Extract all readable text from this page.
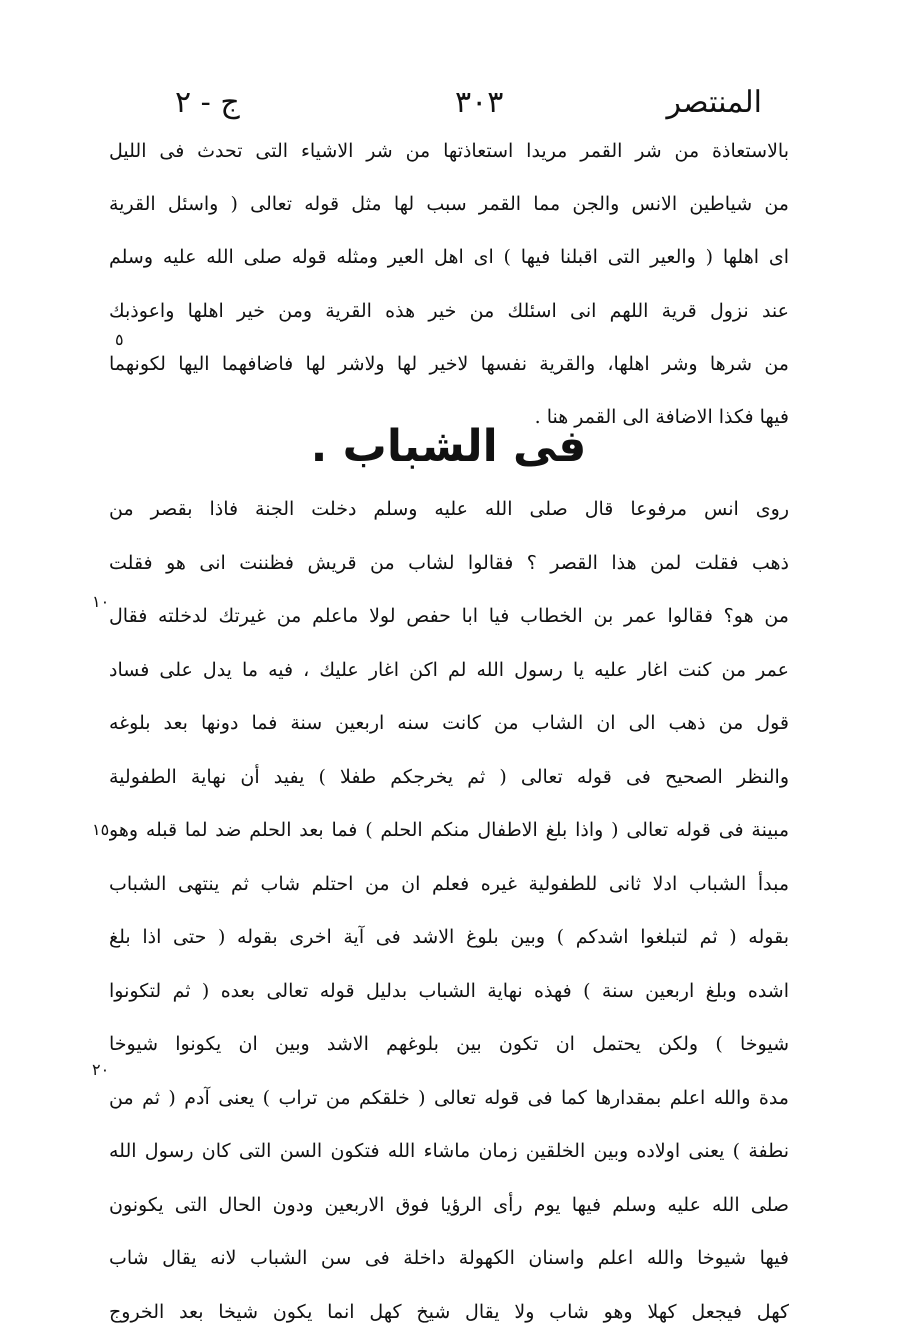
المنتصر
٣٠٣
ج - ٢
بالاستعاذة من شر القمر مريدا استعاذتها من شر الاشياء التى تحدث فى الليل
من شياطين الانس والجن مما القمر سبب لها مثل قوله تعالى ( واسئل القرية
اى اهلها ( والعير التى اقبلنا فيها ) اى اهل العير ومثله قوله صلى الله عليه وسلم
عند نزول قرية اللهم انى اسئلك من خير هذه القرية ومن خير اهلها واعوذبك
من شرها وشر اهلها، والقرية نفسها لاخير لها ولاشر لها فاضافهما اليها لكونهما
فيها فكذا الاضافة الى القمر هنا .
فى الشباب .
روى انس مرفوعا قال صلى الله عليه وسلم دخلت الجنة فاذا بقصر من
ذهب فقلت لمن هذا القصر ؟ فقالوا لشاب من قريش فظننت انى هو فقلت
من هو؟ فقالوا عمر بن الخطاب فيا ابا حفص لولا ماعلم من غيرتك لدخلته فقال
عمر من كنت اغار عليه يا رسول الله لم اكن اغار عليك ، فيه ما يدل على فساد
قول من ذهب الى ان الشاب من كانت سنه اربعين سنة فما دونها بعد بلوغه
والنظر الصحيح فى قوله تعالى ( ثم يخرجكم طفلا ) يفيد أن نهاية الطفولية
مبينة فى قوله تعالى ( واذا بلغ الاطفال منكم الحلم ) فما بعد الحلم ضد لما قبله وهو
مبدأ الشباب ادلا ثانى للطفولية غيره فعلم ان من احتلم شاب ثم ينتهى الشباب
بقوله ( ثم لتبلغوا اشدكم ) وبين بلوغ الاشد فى آية اخرى بقوله ( حتى اذا بلغ
اشده وبلغ اربعين سنة ) فهذه نهاية الشباب بدليل قوله تعالى بعده ( ثم لتكونوا
شيوخا ) ولكن يحتمل ان تكون بين بلوغهم الاشد وبين ان يكونوا شيوخا
مدة والله اعلم بمقدارها كما فى قوله تعالى ( خلقكم من تراب ) يعنى آدم ( ثم من
نطفة ) يعنى اولاده وبين الخلقين زمان ماشاء الله فتكون السن التى كان رسول الله
صلى الله عليه وسلم فيها يوم رأى الرؤيا فوق الاربعين ودون الحال التى يكونون
فيها شيوخا والله اعلم واسنان الكهولة داخلة فى سن الشباب لانه يقال شاب
كهل فيجعل كهلا وهو شاب ولا يقال شيخ كهل انما يكون شيخا بعد الخروج
٥
١٠
١٥
٢٠
